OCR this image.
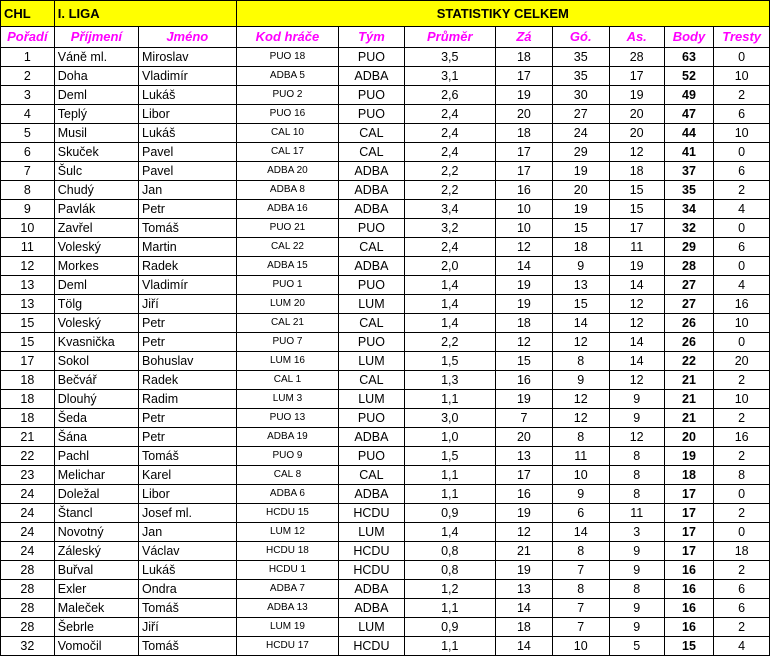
CHL	I. LIGA		STATISTIKY CELKEM							
Pořadí	Příjmení	Jméno	Kod hráče	Tým	Průměr	Zá	Gó.	As.	Body	Tresty
1	Váně ml.	Miroslav	PUO 18	PUO	3,5	18	35	28	63	0
2	Doha	Vladimír	ADBA 5	ADBA	3,1	17	35	17	52	10
3	Deml	Lukáš	PUO 2	PUO	2,6	19	30	19	49	2
4	Teplý	Libor	PUO 16	PUO	2,4	20	27	20	47	6
5	Musil	Lukáš	CAL 10	CAL	2,4	18	24	20	44	10
6	Skuček	Pavel	CAL 17	CAL	2,4	17	29	12	41	0
7	Šulc	Pavel	ADBA 20	ADBA	2,2	17	19	18	37	6
8	Chudý	Jan	ADBA 8	ADBA	2,2	16	20	15	35	2
9	Pavlák	Petr	ADBA 16	ADBA	3,4	10	19	15	34	4
10	Zavřel	Tomáš	PUO 21	PUO	3,2	10	15	17	32	0
11	Voleský	Martin	CAL 22	CAL	2,4	12	18	11	29	6
12	Morkes	Radek	ADBA 15	ADBA	2,0	14	9	19	28	0
13	Deml	Vladimír	PUO 1	PUO	1,4	19	13	14	27	4
13	Tölg	Jiří	LUM 20	LUM	1,4	19	15	12	27	16
15	Voleský	Petr	CAL 21	CAL	1,4	18	14	12	26	10
15	Kvasnička	Petr	PUO 7	PUO	2,2	12	12	14	26	0
17	Sokol	Bohuslav	LUM 16	LUM	1,5	15	8	14	22	20
18	Bečvář	Radek	CAL 1	CAL	1,3	16	9	12	21	2
18	Dlouhý	Radim	LUM 3	LUM	1,1	19	12	9	21	10
18	Šeda	Petr	PUO 13	PUO	3,0	7	12	9	21	2
21	Šána	Petr	ADBA 19	ADBA	1,0	20	8	12	20	16
22	Pachl	Tomáš	PUO 9	PUO	1,5	13	11	8	19	2
23	Melichar	Karel	CAL 8	CAL	1,1	17	10	8	18	8
24	Doležal	Libor	ADBA 6	ADBA	1,1	16	9	8	17	0
24	Štancl	Josef ml.	HCDU 15	HCDU	0,9	19	6	11	17	2
24	Novotný	Jan	LUM 12	LUM	1,4	12	14	3	17	0
24	Záleský	Václav	HCDU 18	HCDU	0,8	21	8	9	17	18
28	Buřval	Lukáš	HCDU 1	HCDU	0,8	19	7	9	16	2
28	Exler	Ondra	ADBA 7	ADBA	1,2	13	8	8	16	6
28	Maleček	Tomáš	ADBA 13	ADBA	1,1	14	7	9	16	6
28	Šebrle	Jiří	LUM 19	LUM	0,9	18	7	9	16	2
32	Vomočil	Tomáš	HCDU 17	HCDU	1,1	14	10	5	15	4
